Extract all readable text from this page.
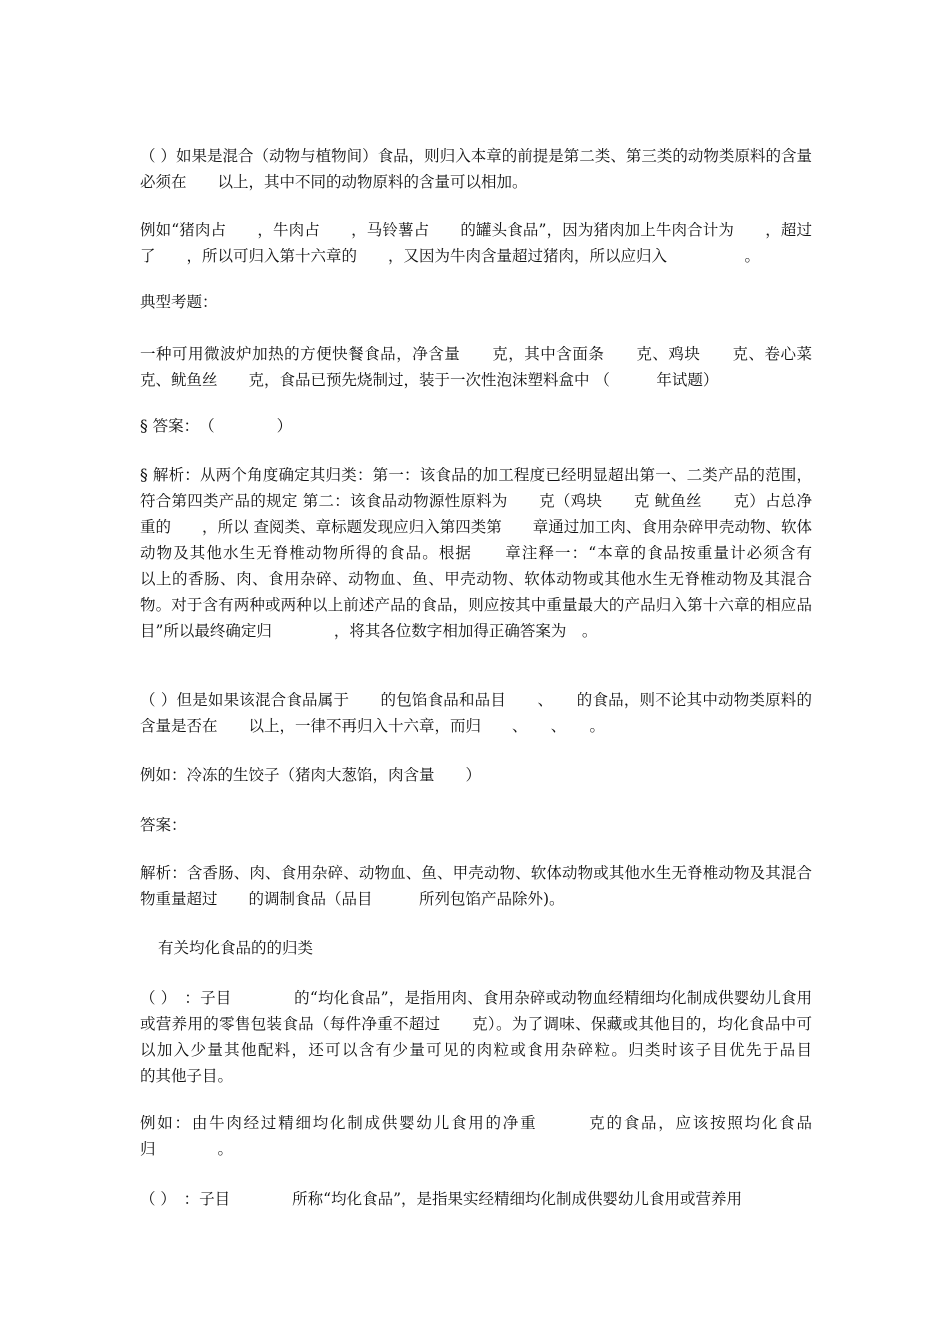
（ ）如果是混合（动物与植物间）食品，则归入本章的前提是第二类、第三类的动物类原料的含量必须在　　以上，其中不同的动物原料的含量可以相加。

例如“猪肉占　　，牛肉占　　，马铃薯占　　的罐头食品”，因为猪肉加上牛肉合计为　　，超过了　　，所以可归入第十六章的　　，又因为牛肉含量超过猪肉，所以应归入　　　　　。

典型考题：

一种可用微波炉加热的方便快餐食品，净含量　　克，其中含面条　　克、鸡块　　克、卷心菜　　克、鱿鱼丝　　克，食品已预先烧制过，装于一次性泡沫塑料盒中 （　　　年试题）

§ 答案：　（　　　　）

§ 解析：从两个角度确定其归类：第一：该食品的加工程度已经明显超出第一、二类产品的范围，符合第四类产品的规定 第二：该食品动物源性原料为　　克（鸡块　　克 鱿鱼丝　　克）占总净重的　　，所以 查阅类、章标题发现应归入第四类第　　章通过加工肉、食用杂碎甲壳动物、软体动物及其他水生无脊椎动物所得的食品。根据　　章注释一：“本章的食品按重量计必须含有　　以上的香肠、肉、食用杂碎、动物血、鱼、甲壳动物、软体动物或其他水生无脊椎动物及其混合物。对于含有两种或两种以上前述产品的食品，则应按其中重量最大的产品归入第十六章的相应品目”所以最终确定归　　　　，将其各位数字相加得正确答案为　。

（ ）但是如果该混合食品属于　　的包馅食品和品目　　、　　的食品，则不论其中动物类原料的含量是否在　　以上，一律不再归入十六章，而归　　、　　、　　。

例如：冷冻的生饺子（猪肉大葱馅，肉含量　　）

答案：

解析：含香肠、肉、食用杂碎、动物血、鱼、甲壳动物、软体动物或其他水生无脊椎动物及其混合物重量超过　　的调制食品（品目　　　所列包馅产品除外)。

有关均化食品的的归类

（ ）　：子目　　　　的“均化食品”，是指用肉、食用杂碎或动物血经精细均化制成供婴幼儿食用或营养用的零售包装食品（每件净重不超过　　克）。为了调味、保藏或其他目的，均化食品中可以加入少量其他配料，还可以含有少量可见的肉粒或食用杂碎粒。归类时该子目优先于品目　　　的其他子目。

例如：由牛肉经过精细均化制成供婴幼儿食用的净重　　　克的食品，应该按照均化食品归　　　　。

（ ）　：子目　　　　所称“均化食品”，是指果实经精细均化制成供婴幼儿食用或营养用
